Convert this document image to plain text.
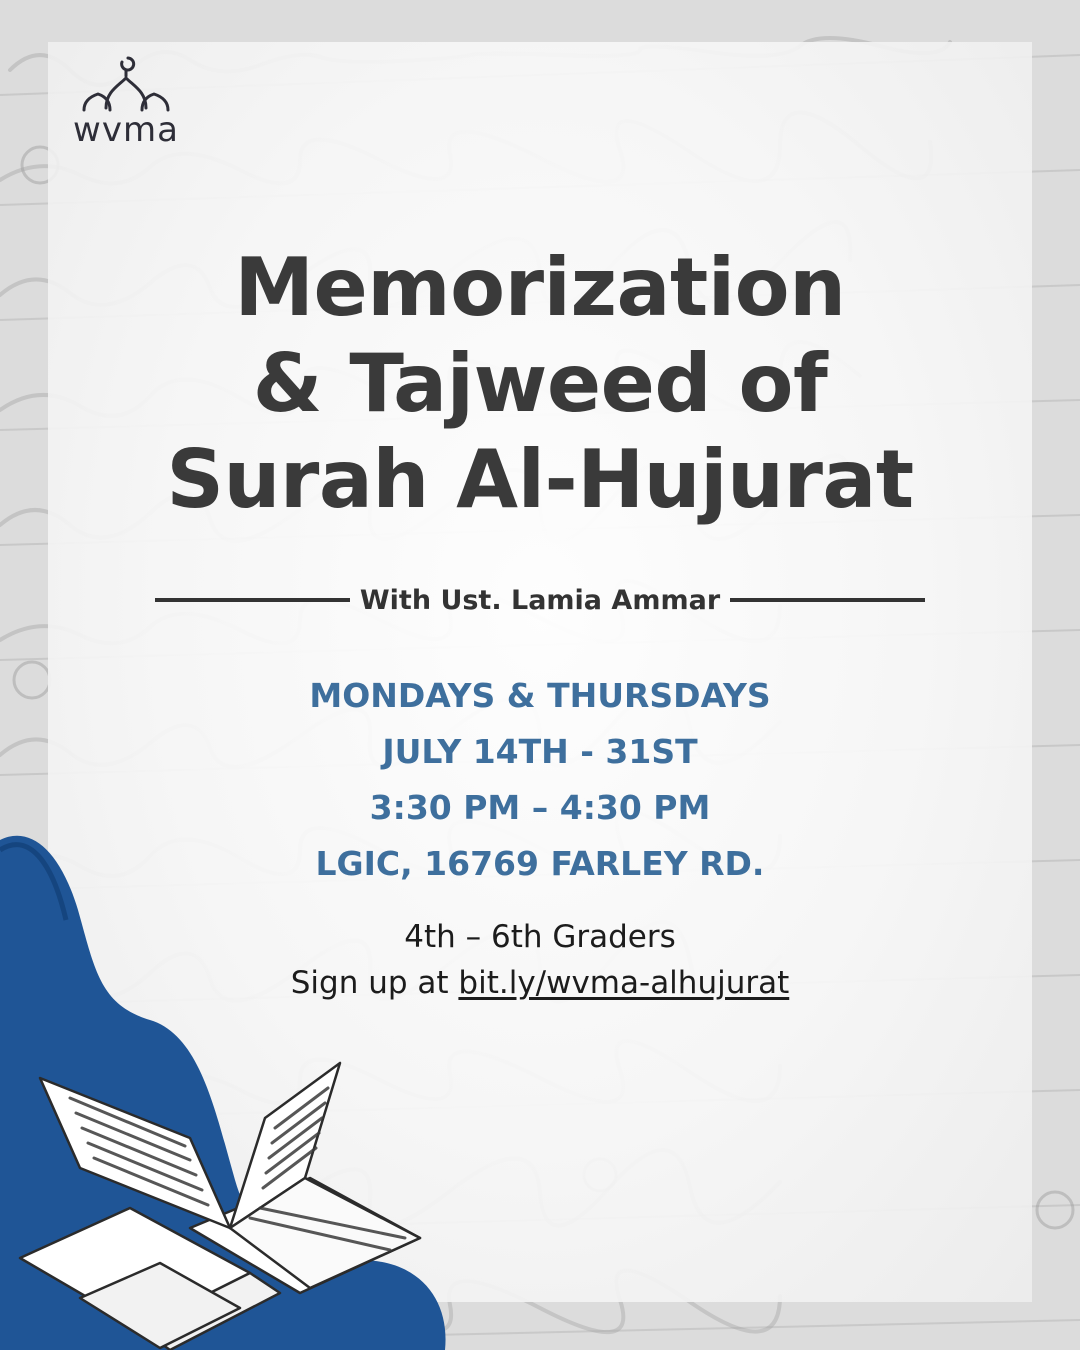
wvma
Memorization
& Tajweed of
Surah Al-Hujurat
With Ust. Lamia Ammar
MONDAYS & THURSDAYS
JULY 14TH - 31ST
3:30 PM – 4:30 PM
LGIC, 16769 FARLEY RD.
4th – 6th Graders
Sign up at bit.ly/wvma-alhujurat
